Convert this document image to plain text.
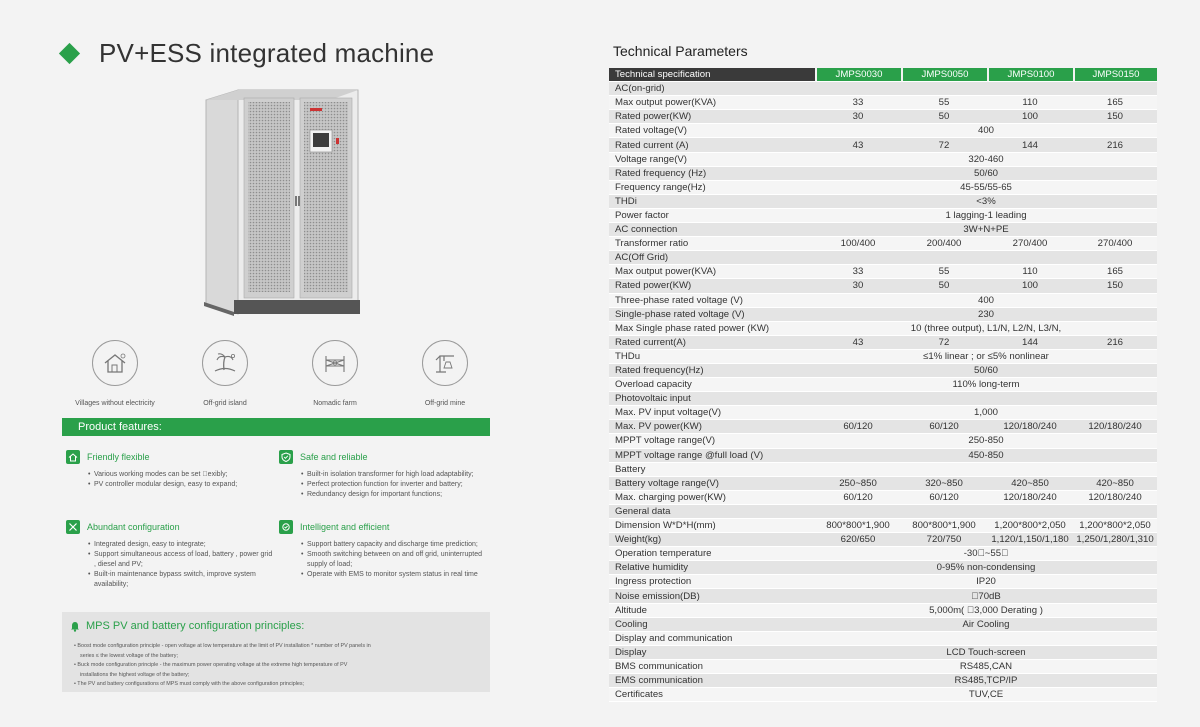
PV+ESS integrated machine
Villages without electricity	Off-grid island	Nomadic farm	Off-grid mine
Product features:
Friendly flexible
• Various working modes can be set  exibly;
• PV controller modular design, easy to expand;
Safe and reliable
• Built-in isolation transformer for high load adaptability;
• Perfect protection function for inverter and battery;
• Redundancy design for important functions;
Abundant configuration
• Integrated design, easy to integrate;
• Support simultaneous access of load, battery , power grid , diesel and PV;
• Built-in maintenance bypass switch, improve system availability;
Intelligent and efficient
• Support battery capacity and discharge time prediction;
• Smooth switching between on and off grid, uninterrupted supply of load;
• Operate with EMS to monitor system status in real time
MPS PV and battery configuration principles:
• Boost mode configuration principle - open voltage at low temperature at the limit of PV installation * number of PV panels in
series ≤ the lowest voltage of the battery;
• Buck mode configuration principle - the maximum power operating voltage at the extreme high temperature of PV
installations the highest voltage of the battery;
• The PV and battery configurations of MPS must comply with the above configuration principles;
Technical Parameters
Technical specification	JMPS0030	JMPS0050	JMPS0100	JMPS0150
AC(on-grid)				
Max output power(KVA)	33	55	110	165
Rated power(KW)	30	50	100	150
Rated voltage(V)	400			
Rated current (A)	43	72	144	216
Voltage range(V)	320-460			
Rated frequency (Hz)	50/60			
Frequency range(Hz)	45-55/55-65			
THDi	<3%			
Power factor	1 lagging-1 leading			
AC connection	3W+N+PE			
Transformer ratio	100/400	200/400	270/400	270/400
AC(Off Grid)				
Max output power(KVA)	33	55	110	165
Rated power(KW)	30	50	100	150
Three-phase rated voltage (V)	400			
Single-phase rated voltage (V)	230			
Max Single phase rated power (KW)	10 (three output), L1/N, L2/N, L3/N,			
Rated current(A)	43	72	144	216
THDu	≤1% linear ; or ≤5% nonlinear			
Rated frequency(Hz)	50/60			
Overload capacity	110% long-term			
Photovoltaic input				
Max. PV input voltage(V)	1,000			
Max. PV power(KW)	60/120	60/120	120/180/240	120/180/240
MPPT voltage range(V)	250-850			
MPPT voltage range @full load (V)	450-850			
Battery				
Battery voltage range(V)	250~850	320~850	420~850	420~850
Max. charging power(KW)	60/120	60/120	120/180/240	120/180/240
General data				
Dimension W*D*H(mm)	800*800*1,900	800*800*1,900	1,200*800*2,050	1,200*800*2,050
Weight(kg)	620/650	720/750	1,120/1,150/1,180	1,250/1,280/1,310
Operation temperature	-30 ~55 			
Relative humidity	0-95% non-condensing			
Ingress protection	IP20			
Noise emission(DB)	 70dB			
Altitude	5,000m(  3,000 Derating )			
Cooling	Air Cooling			
Display and communication				
Display	LCD Touch-screen			
BMS communication	RS485,CAN			
EMS communication	RS485,TCP/IP			
Certificates	TUV,CE			
